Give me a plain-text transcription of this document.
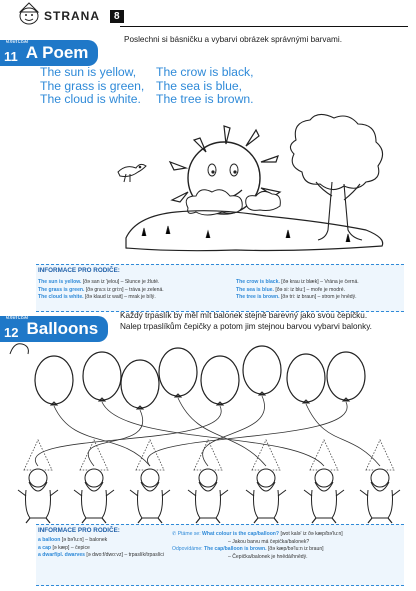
STRANA	8
exercise
11 A Poem
Poslechni si básničku a vybarvi obrázek správnými barvami.
The sun is yellow,
The grass is green,
The cloud is white.
The crow is black,
The sea is blue,
The tree is brown.
INFORMACE PRO RODIČE:
The sun is yellow. [ðə san iz 'jelou] – Slunce je žluté.
The grass is green. [ðə gra:s iz gri:n] – tráva je zelená.
The cloud is white. [ðə klaud iz wait] – mrak je bílý.
The crow is black. [ðə krau iz blæk] – Vrána je černá.
The sea is blue. [ðə si: iz blu:] – moře je modré.
The tree is brown. [ðə tri: iz braun] – strom je hnědý.
exercise
12 Balloons
Každý trpaslík by měl mít balonek stejně barevný jako svou čepičku.
Nalep trpaslíkům čepičky a potom jim stejnou barvou vybarvi balonky.
INFORMACE PRO RODIČE:
a balloon [ə bə'lu:n] – balonek
a cap [ə kæp] – čepice
a dwarf/pl. dwarves [ə dwo:f/dwo:vz] – trpaslík/trpaslíci
✆ Ptáme se: What colour is the cap/balloon? [wot kalə' iz ðə kæp/bə'lu:n]
– Jakou barvu má čepička/balonek?
Odpovídáme: The cap/balloon is brown. [ðə kæp/bə'lu:n iz braun]
– Čepička/balonek je hnědá/hnědý.
